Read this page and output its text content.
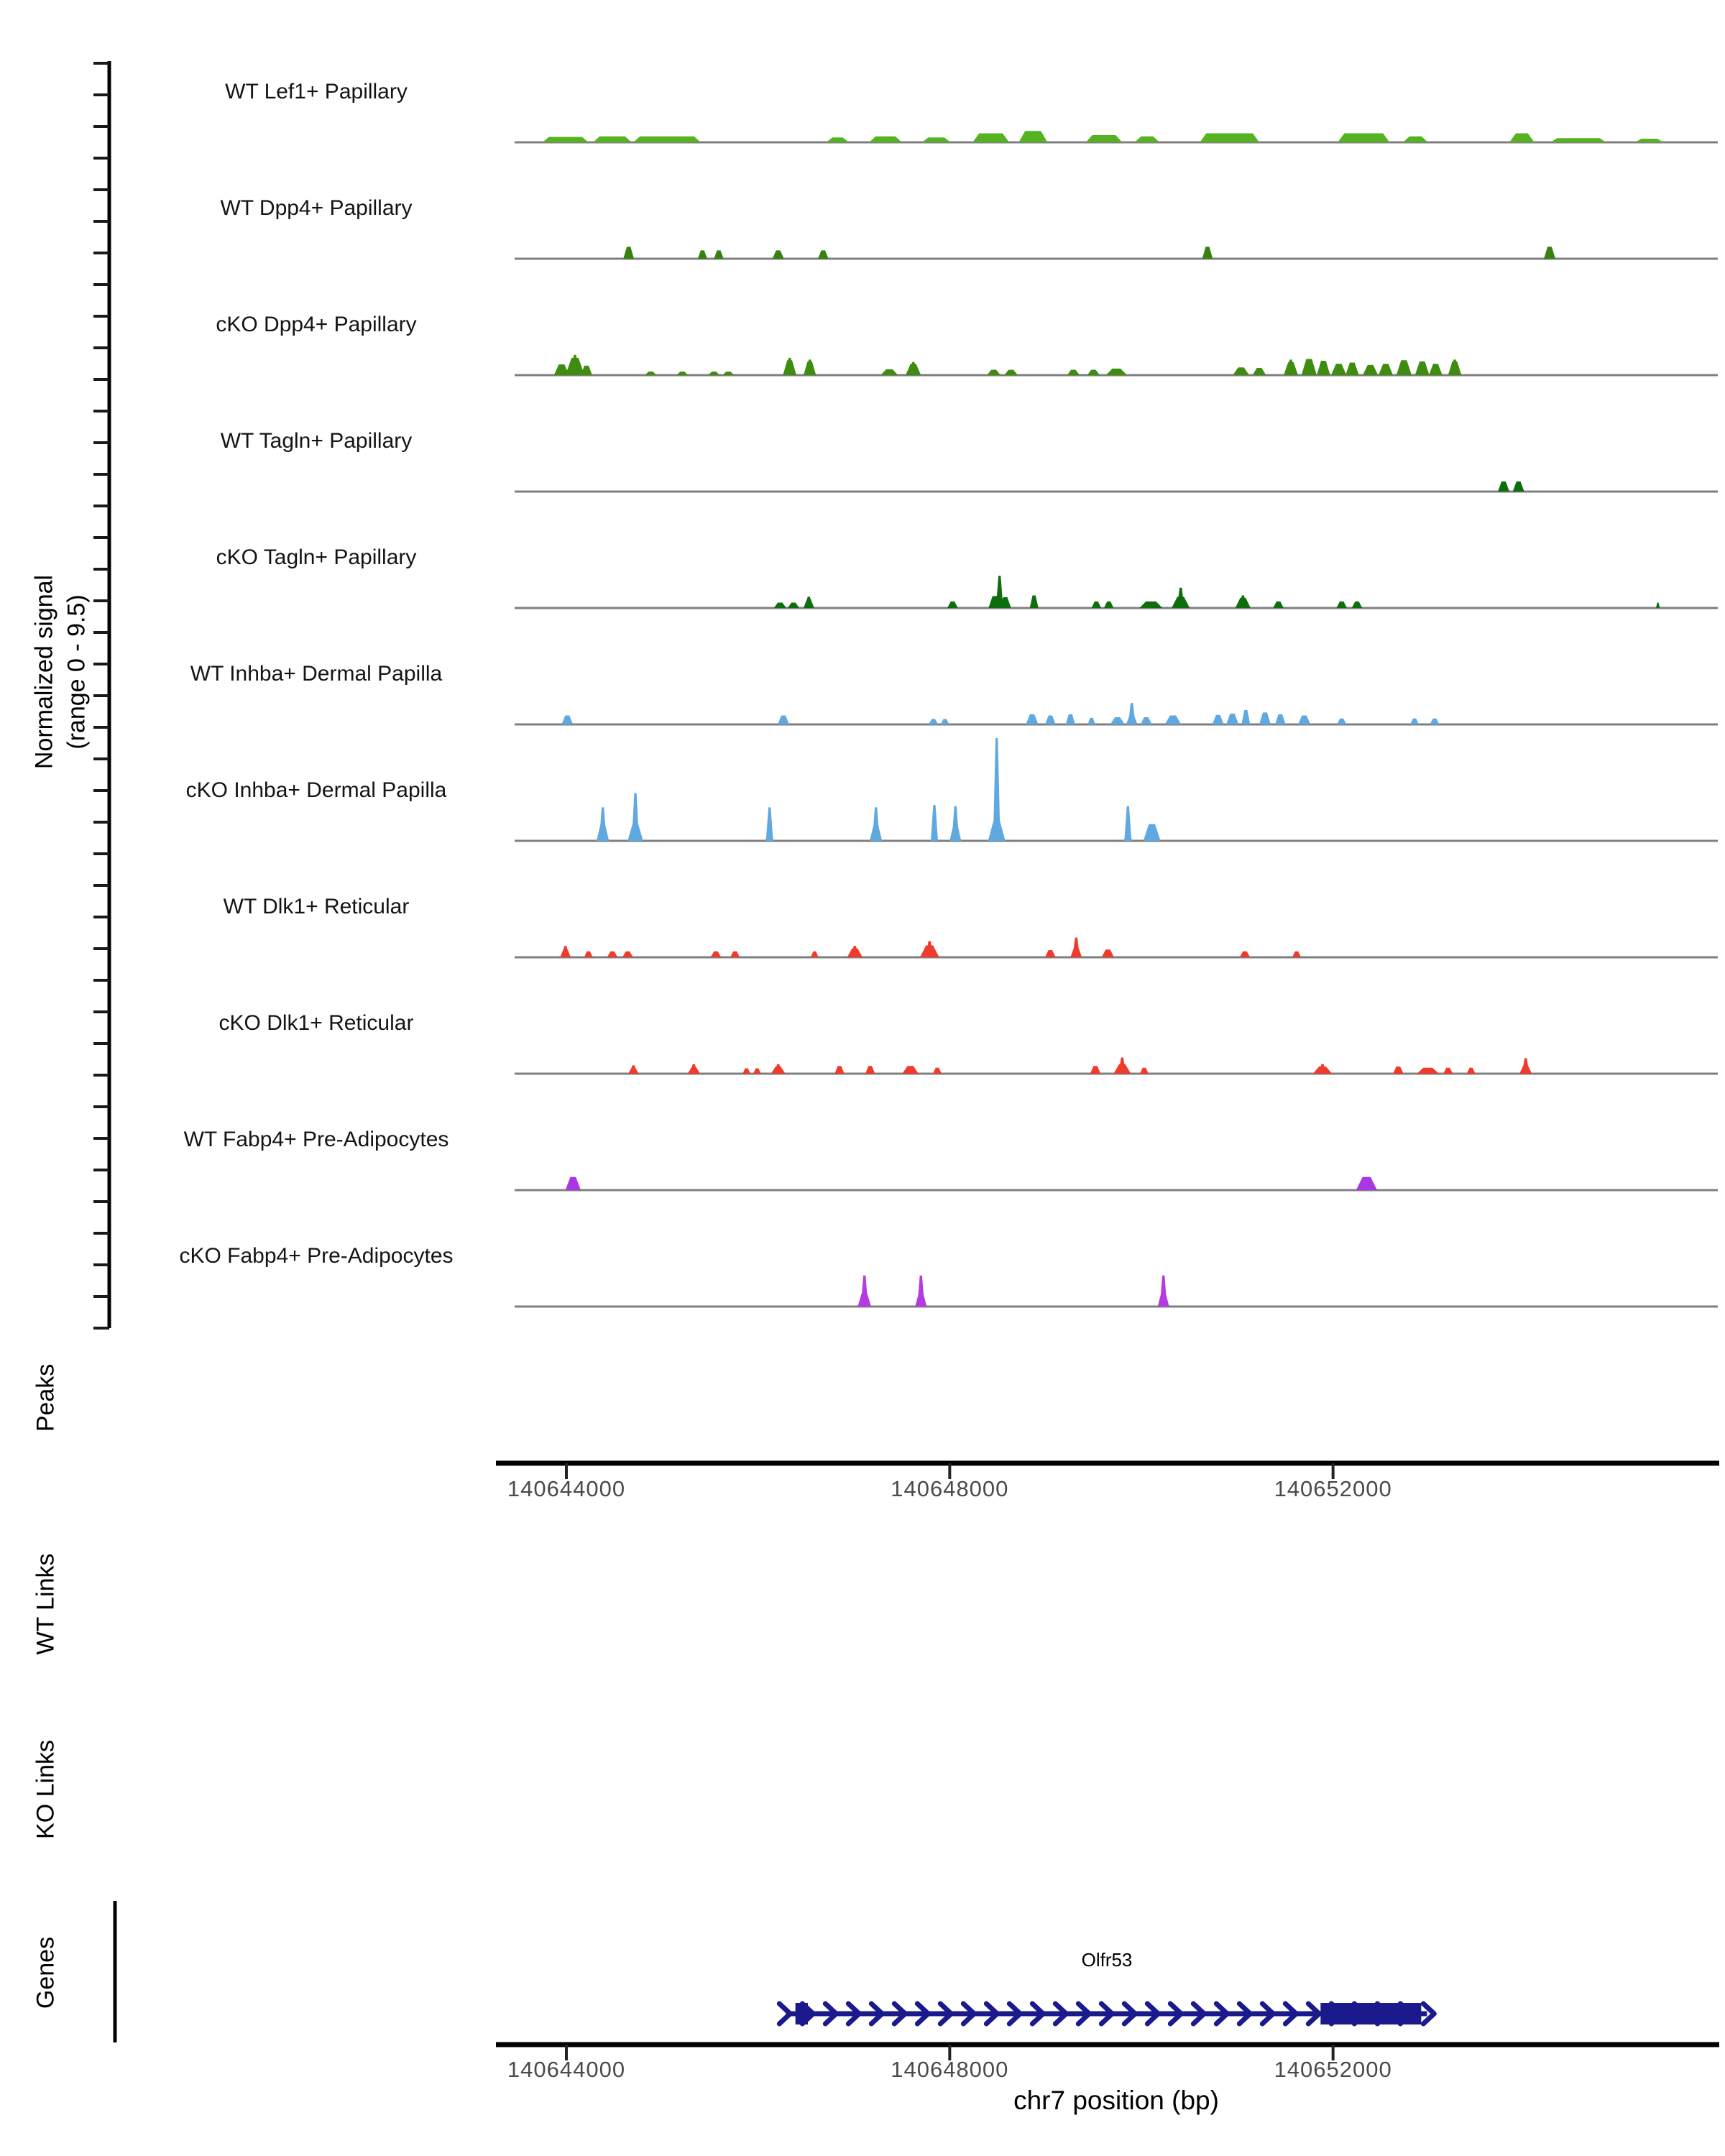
Normalized signal (range 0 - 9.5)
Peaks
WT Links
KO Links
Genes	Olfr53
chr7 position (bp)
WT Lef1+ Papillary
WT Dpp4+ Papillary
cKO Dpp4+ Papillary
WT Tagln+ Papillary
cKO Tagln+ Papillary
WT Inhba+ Dermal Papilla
cKO Inhba+ Dermal Papilla
WT Dlk1+ Reticular
cKO Dlk1+ Reticular
WT Fabp4+ Pre-Adipocytes
cKO Fabp4+ Pre-Adipocytes
140644000	140648000	140652000
140644000	140648000	140652000
